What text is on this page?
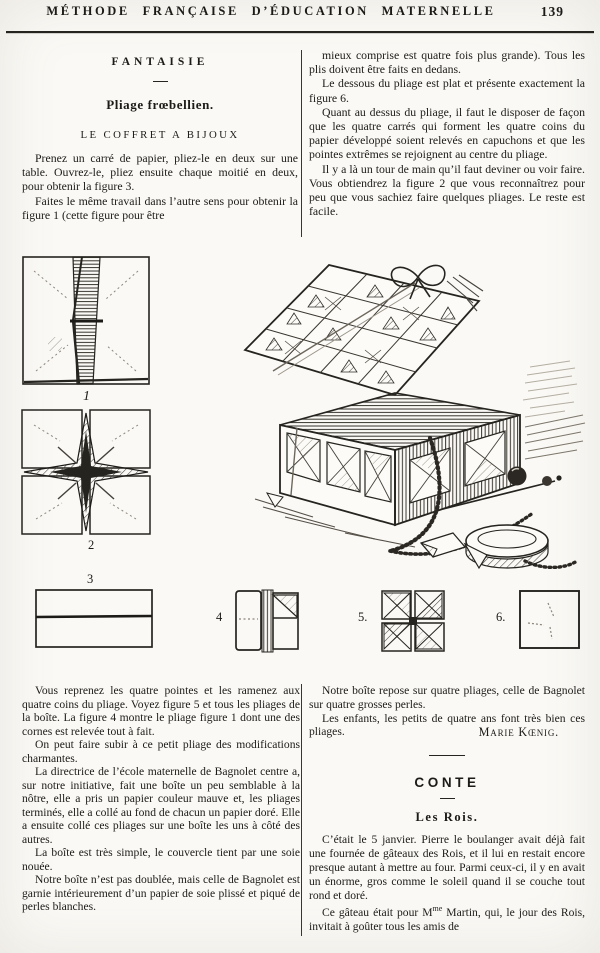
MÉTHODE FRANÇAISE D’ÉDUCATION MATERNELLE	139
FANTAISIE
Pliage frœbellien.
LE COFFRET A BIJOUX

Prenez un carré de papier, pliez-le en deux sur une table. Ouvrez-le, pliez ensuite chaque moitié en deux, pour obtenir la figure 3.

Faites le même travail dans l’autre sens pour obtenir la figure 1 (cette figure pour être

mieux comprise est quatre fois plus grande). Tous les plis doivent être faits en dedans.

Le dessous du pliage est plat et présente exactement la figure 6.

Quant au dessus du pliage, il faut le disposer de façon que les quatre carrés qui forment les quatre coins du papier développé soient relevés en capuchons et que les pointes extrêmes se rejoignent au centre du pliage.

Il y a là un tour de main qu’il faut deviner ou voir faire. Vous obtiendrez la figure 2 que vous reconnaîtrez pour peu que vous sachiez faire quelques pliages. Le reste est facile.

1
2
3
4	5.	6.

Vous reprenez les quatre pointes et les ramenez aux quatre coins du pliage. Voyez figure 5 et tous les pliages de la boîte. La figure 4 montre le pliage figure 1 dont une des cornes est relevée tout à fait.

On peut faire subir à ce petit pliage des modifications charmantes.

La directrice de l’école maternelle de Bagnolet centre a, sur notre initiative, fait une boîte un peu semblable à la nôtre, elle a pris un papier couleur mauve et, les pliages terminés, elle a collé au fond de chacun un papier doré. Elle a ensuite collé ces pliages sur une boîte les uns à côté des autres.

La boîte est très simple, le couvercle tient par une soie nouée.

Notre boîte n’est pas doublée, mais celle de Bagnolet est garnie intérieurement d’un papier de soie plissé et piqué de perles blanches.

Notre boîte repose sur quatre pliages, celle de Bagnolet sur quatre grosses perles.

Les enfants, les petits de quatre ans font très bien ces pliages.	Marie Kœnig.
CONTE
Les Rois.

C’était le 5 janvier. Pierre le boulanger avait déjà fait une fournée de gâteaux des Rois, et il lui en restait encore presque autant à mettre au four. Parmi ceux-ci, il y en avait un énorme, gros comme le soleil quand il se couche tout rond et doré.

Ce gâteau était pour $M^{me}$ Martin, qui, le jour des Rois, invitait à goûter tous les amis de
